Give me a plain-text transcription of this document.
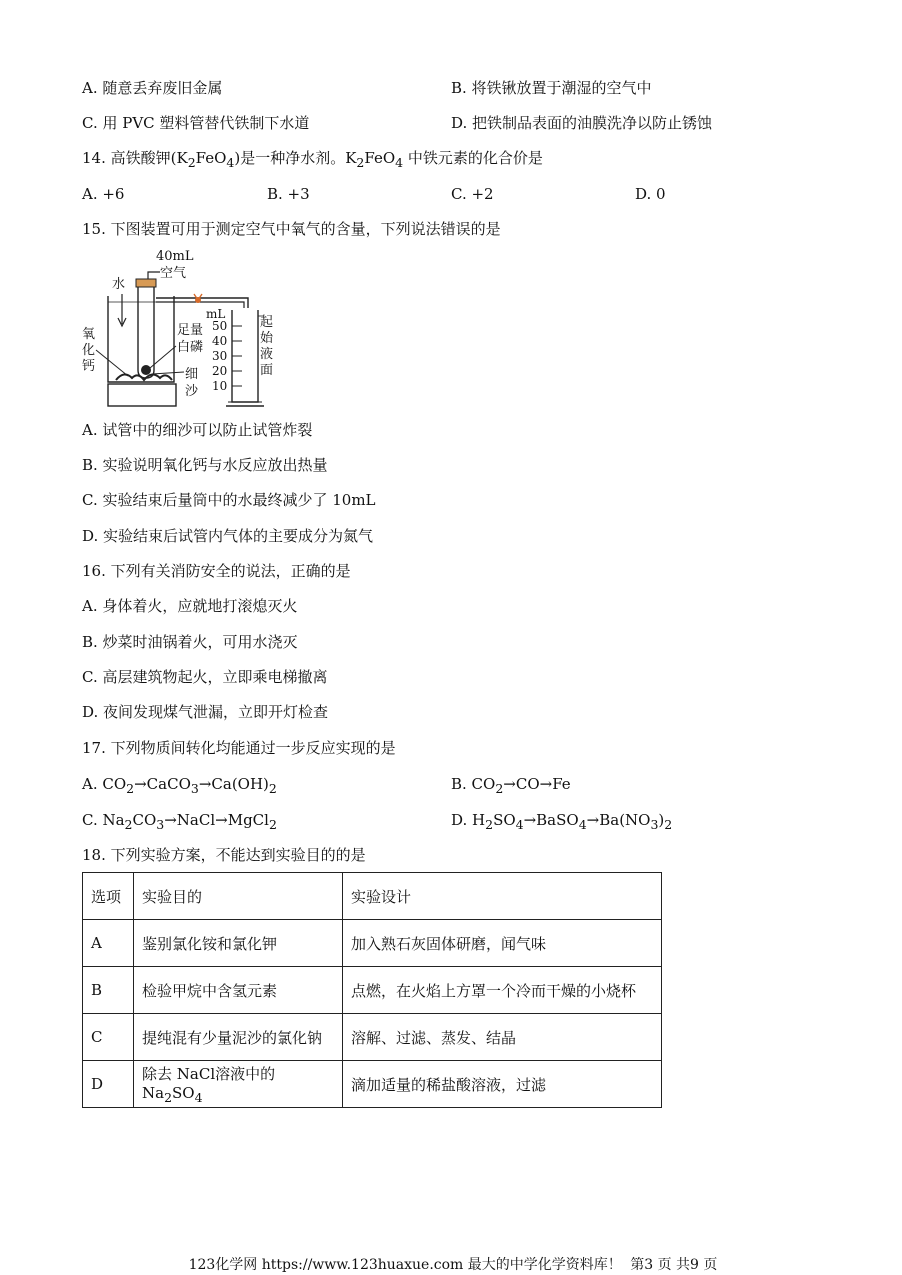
A. 随意丢弃废旧金属	B. 将铁锹放置于潮湿的空气中
C. 用 PVC 塑料管替代铁制下水道	D. 把铁制品表面的油膜洗净以防止锈蚀
14. 高铁酸钾$(K_2FeO_4)$是一种净水剂。$K_2FeO_4$ 中铁元素的化合价是
A. +6	B. +3	C. +2	D. 0
15. 下图装置可用于测定空气中氧气的含量，下列说法错误的是
40mL
空气
水
mL
氧
化
钙
足量
白磷
细
沙
起
始
液
面
50
40
30
20
10
A. 试管中的细沙可以防止试管炸裂
B. 实验说明氧化钙与水反应放出热量
C. 实验结束后量筒中的水最终减少了 10mL
D. 实验结束后试管内气体的主要成分为氮气
16. 下列有关消防安全的说法，正确的是
A. 身体着火，应就地打滚熄灭火
B. 炒菜时油锅着火，可用水浇灭
C. 高层建筑物起火，立即乘电梯撤离
D. 夜间发现煤气泄漏，立即开灯检查
17. 下列物质间转化均能通过一步反应实现的是
A. $CO_2\to CaCO_3\to Ca(OH)_2$	B. $CO_2\to CO\to Fe$
C. $Na_2CO_3\to NaCl\to MgCl_2$	D. $H_2SO_4\to BaSO_4\to Ba(NO_3)_2$
18. 下列实验方案，不能达到实验目的的是
选项	实验目的	实验设计
A	鉴别氯化铵和氯化钾	加入熟石灰固体研磨，闻气味
B	检验甲烷中含氢元素	点燃，在火焰上方罩一个冷而干燥的小烧杯
C	提纯混有少量泥沙的氯化钠	溶解、过滤、蒸发、结晶
D	除去 NaCl溶液中的 $Na_2SO_4$	滴加适量的稀盐酸溶液，过滤
123化学网 https://www.123huaxue.com 最大的中学化学资料库！ 第3 页 共9 页
